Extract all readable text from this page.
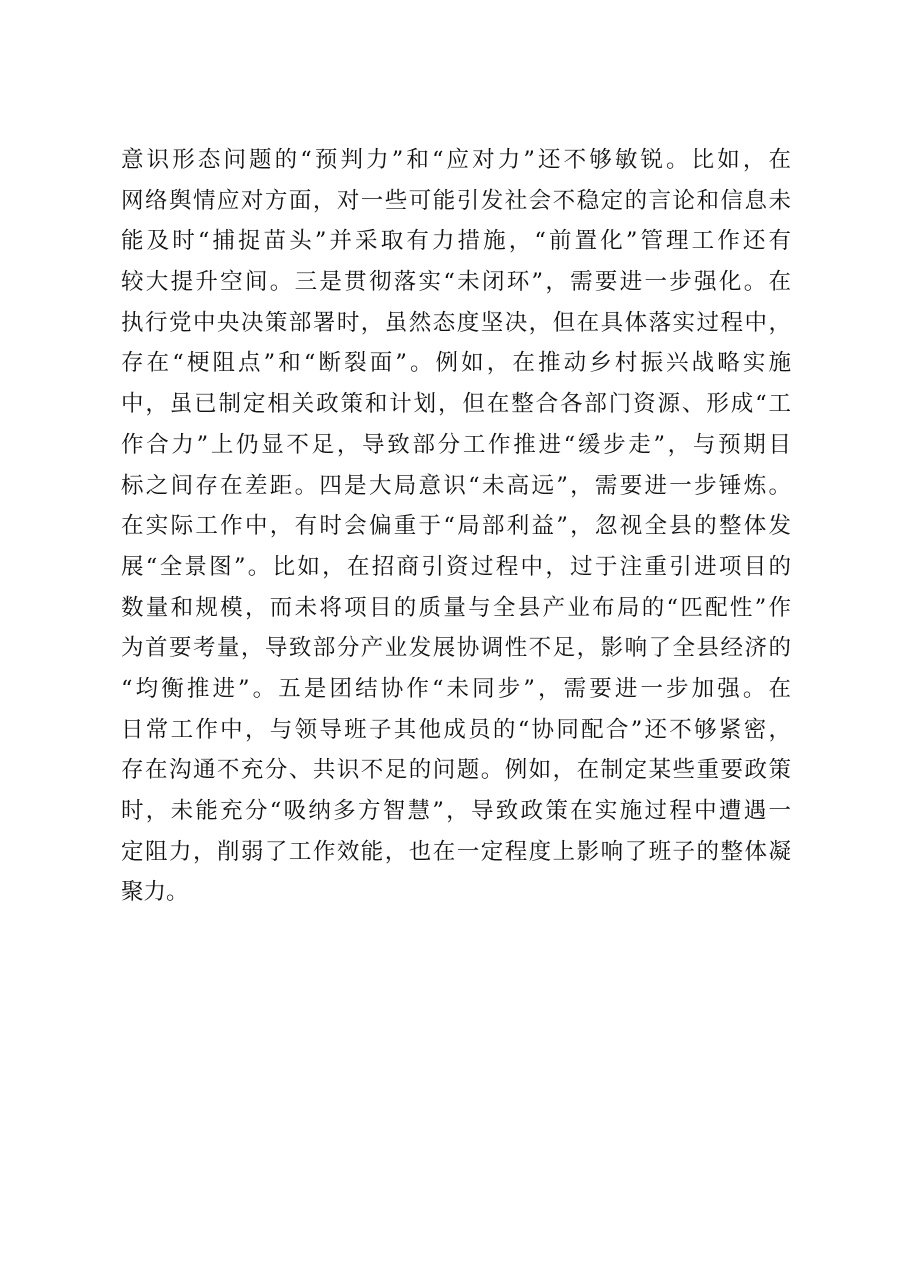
意识形态问题的“预判力”和“应对力”还不够敏锐。比如，在
网络舆情应对方面，对一些可能引发社会不稳定的言论和信息未
能及时“捕捉苗头”并采取有力措施，“前置化”管理工作还有
较大提升空间。三是贯彻落实“未闭环”，需要进一步强化。在
执行党中央决策部署时，虽然态度坚决，但在具体落实过程中，
存在“梗阻点”和“断裂面”。例如，在推动乡村振兴战略实施
中，虽已制定相关政策和计划，但在整合各部门资源、形成“工
作合力”上仍显不足，导致部分工作推进“缓步走”，与预期目
标之间存在差距。四是大局意识“未高远”，需要进一步锤炼。
在实际工作中，有时会偏重于“局部利益”，忽视全县的整体发
展“全景图”。比如，在招商引资过程中，过于注重引进项目的
数量和规模，而未将项目的质量与全县产业布局的“匹配性”作
为首要考量，导致部分产业发展协调性不足，影响了全县经济的
“均衡推进”。五是团结协作“未同步”，需要进一步加强。在
日常工作中，与领导班子其他成员的“协同配合”还不够紧密，
存在沟通不充分、共识不足的问题。例如，在制定某些重要政策
时，未能充分“吸纳多方智慧”，导致政策在实施过程中遭遇一
定阻力，削弱了工作效能，也在一定程度上影响了班子的整体凝
聚力。
